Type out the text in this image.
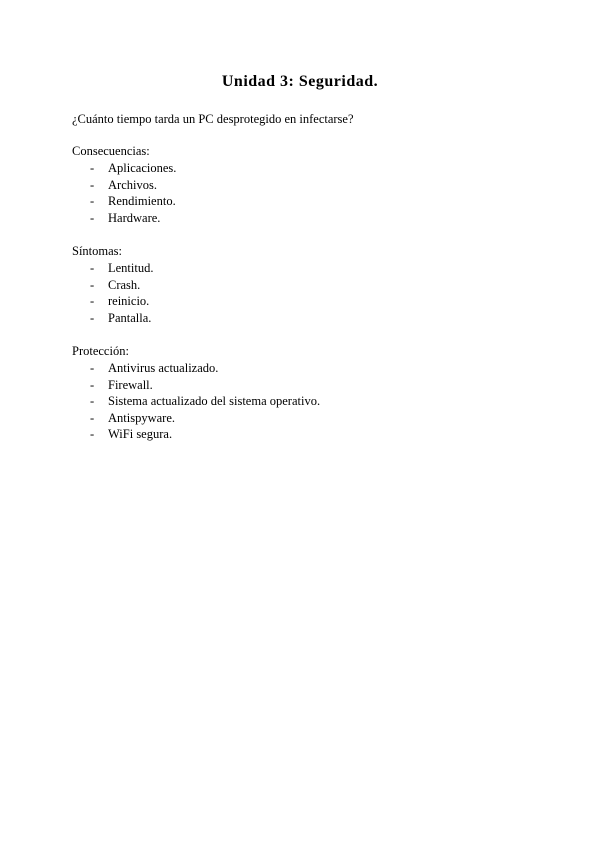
Unidad 3: Seguridad.

¿Cuánto tiempo tarda un PC desprotegido en infectarse?

Consecuencias:

- Aplicaciones.
- Archivos.
- Rendimiento.
- Hardware.

Síntomas:

- Lentitud.
- Crash.
- reinicio.
- Pantalla.

Protección:

- Antivirus actualizado.
- Firewall.
- Sistema actualizado del sistema operativo.
- Antispyware.
- WiFi segura.
